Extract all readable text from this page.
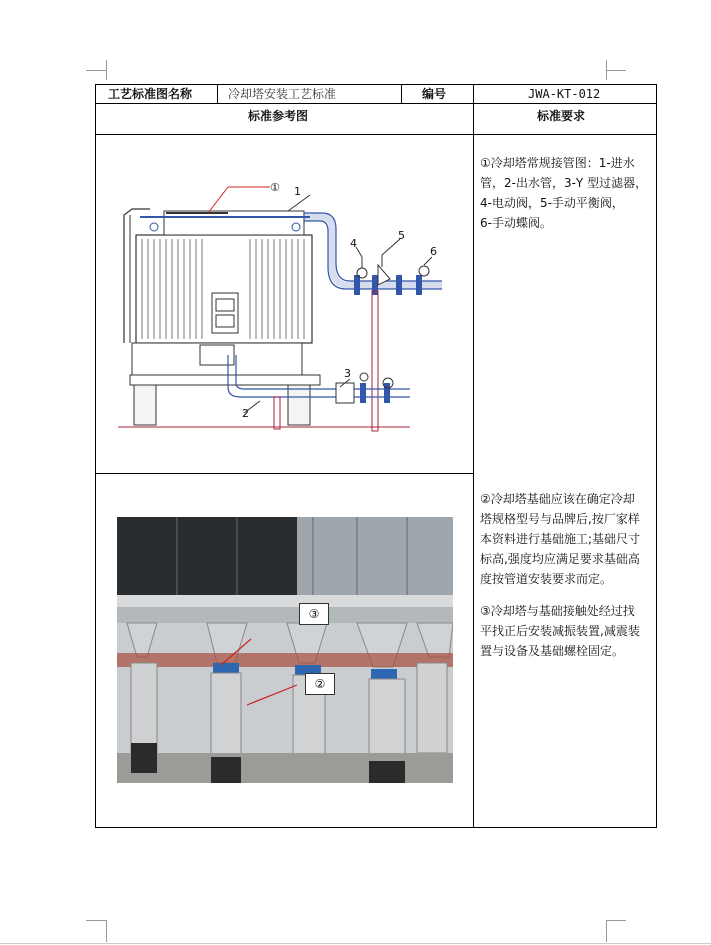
工艺标准图名称	冷却塔安装工艺标准	编号	JWA-KT-012
标准参考图	标准要求
① 1
4
5
6
3
2
③
②
①冷却塔常规接管图：1-进水
管，2-出水管，3-Y 型过滤器，
4-电动阀，5-手动平衡阀，
6-手动蝶阀。
②冷却塔基础应该在确定冷却
塔规格型号与品牌后,按厂家样
本资料进行基础施工;基础尺寸
标高,强度均应满足要求基础高
度按管道安装要求而定。
③冷却塔与基础接触处经过找
平找正后安装减振装置,减震装
置与设备及基础螺栓固定。
